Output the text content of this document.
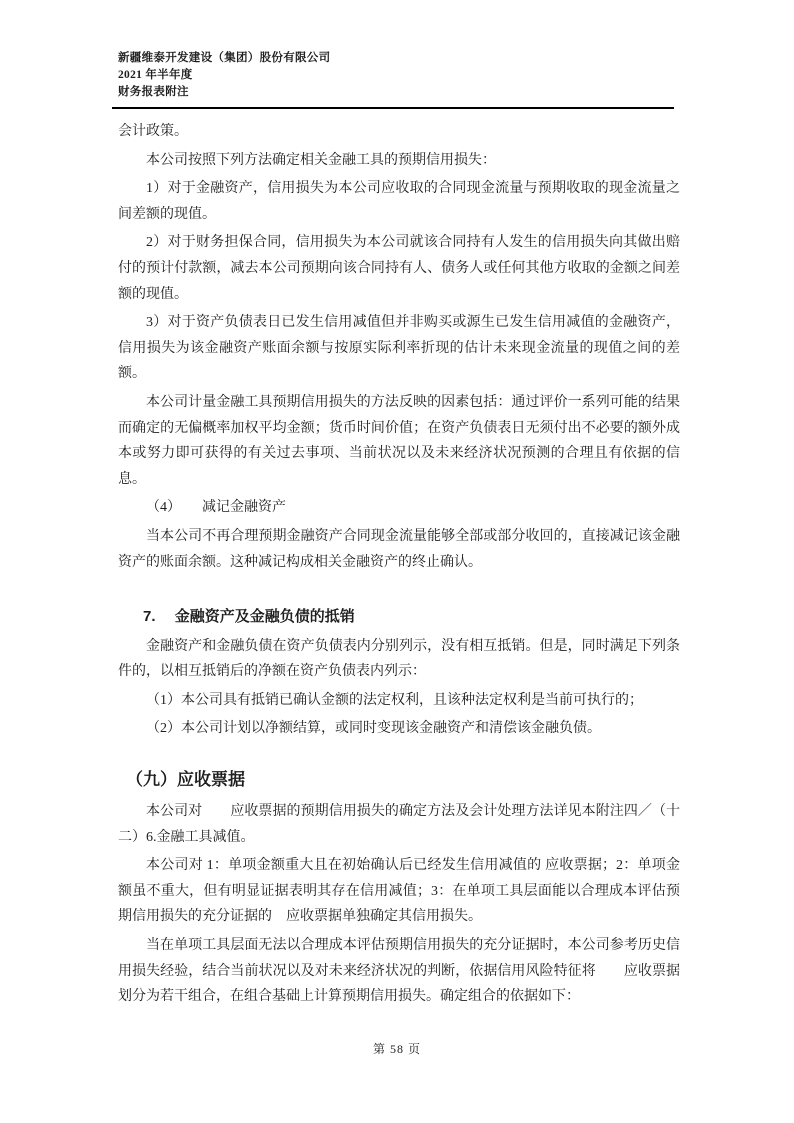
新疆维泰开发建设（集团）股份有限公司
2021 年半年度
财务报表附注

会计政策。

本公司按照下列方法确定相关金融工具的预期信用损失：

1）对于金融资产，信用损失为本公司应收取的合同现金流量与预期收取的现金流量之间差额的现值。

2）对于财务担保合同，信用损失为本公司就该合同持有人发生的信用损失向其做出赔付的预计付款额，减去本公司预期向该合同持有人、债务人或任何其他方收取的金额之间差额的现值。

3）对于资产负债表日已发生信用减值但并非购买或源生已发生信用减值的金融资产，信用损失为该金融资产账面余额与按原实际利率折现的估计未来现金流量的现值之间的差额。

本公司计量金融工具预期信用损失的方法反映的因素包括：通过评价一系列可能的结果而确定的无偏概率加权平均金额；货币时间价值；在资产负债表日无须付出不必要的额外成本或努力即可获得的有关过去事项、当前状况以及未来经济状况预测的合理且有依据的信息。

（4）　　减记金融资产

当本公司不再合理预期金融资产合同现金流量能够全部或部分收回的，直接减记该金融资产的账面余额。这种减记构成相关金融资产的终止确认。

7. 金融资产及金融负债的抵销

金融资产和金融负债在资产负债表内分别列示，没有相互抵销。但是，同时满足下列条件的，以相互抵销后的净额在资产负债表内列示：

（1）本公司具有抵销已确认金额的法定权利，且该种法定权利是当前可执行的；

（2）本公司计划以净额结算，或同时变现该金融资产和清偿该金融负债。

（九）应收票据

本公司对　　应收票据的预期信用损失的确定方法及会计处理方法详见本附注四／（十二）6.金融工具减值。

本公司对 1：单项金额重大且在初始确认后已经发生信用减值的 应收票据；2：单项金额虽不重大，但有明显证据表明其存在信用减值；3：在单项工具层面能以合理成本评估预期信用损失的充分证据的　应收票据单独确定其信用损失。

当在单项工具层面无法以合理成本评估预期信用损失的充分证据时，本公司参考历史信用损失经验，结合当前状况以及对未来经济状况的判断，依据信用风险特征将　　应收票据划分为若干组合，在组合基础上计算预期信用损失。确定组合的依据如下：

第 58 页
